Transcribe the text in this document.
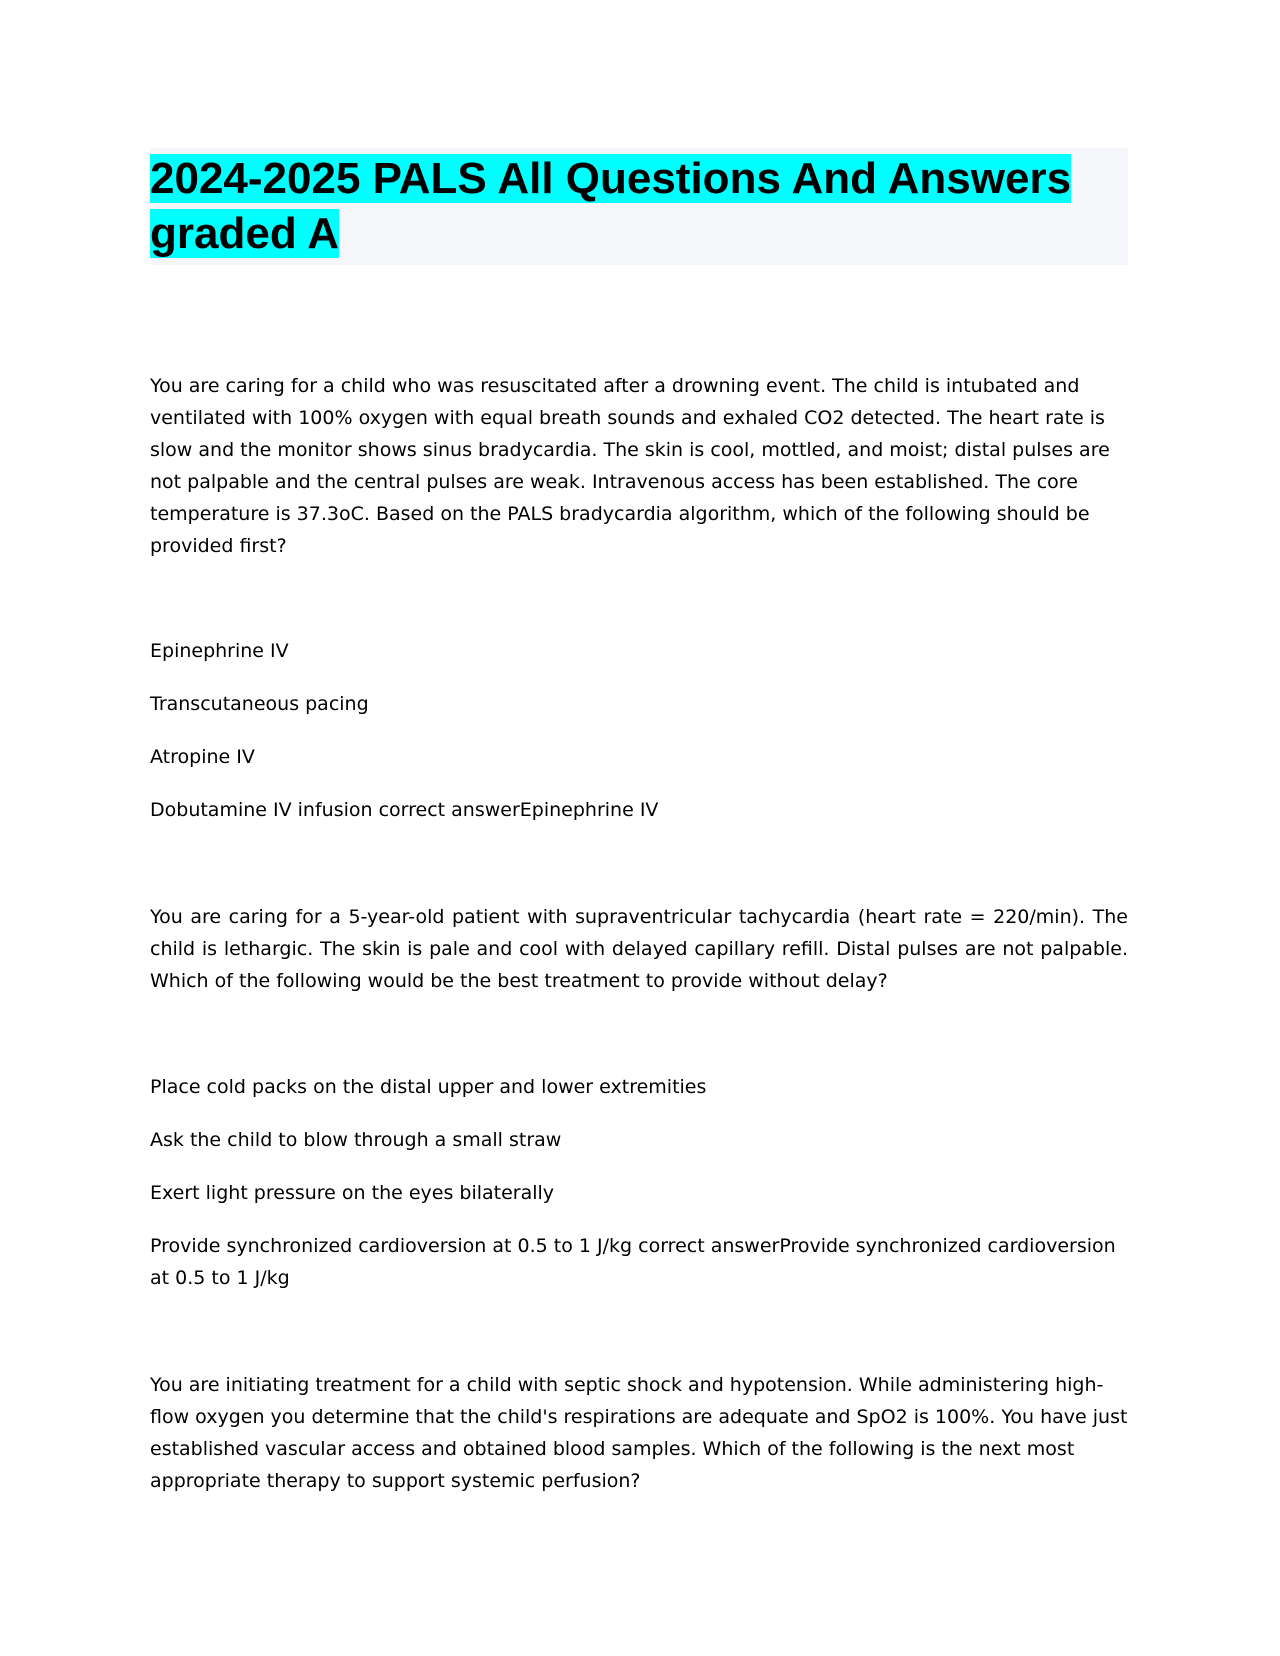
2024-2025 PALS All Questions And Answers graded A

You are caring for a child who was resuscitated after a drowning event. The child is intubated and ventilated with 100% oxygen with equal breath sounds and exhaled CO2 detected. The heart rate is slow and the monitor shows sinus bradycardia. The skin is cool, mottled, and moist; distal pulses are not palpable and the central pulses are weak. Intravenous access has been established. The core temperature is 37.3oC. Based on the PALS bradycardia algorithm, which of the following should be provided first?

Epinephrine IV

Transcutaneous pacing

Atropine IV

Dobutamine IV infusion correct answerEpinephrine IV

You are caring for a 5-year-old patient with supraventricular tachycardia (heart rate = 220/min). The child is lethargic. The skin is pale and cool with delayed capillary refill. Distal pulses are not palpable. Which of the following would be the best treatment to provide without delay?

Place cold packs on the distal upper and lower extremities

Ask the child to blow through a small straw

Exert light pressure on the eyes bilaterally

Provide synchronized cardioversion at 0.5 to 1 J/kg correct answerProvide synchronized cardioversion at 0.5 to 1 J/kg

You are initiating treatment for a child with septic shock and hypotension. While administering high-flow oxygen you determine that the child's respirations are adequate and SpO2 is 100%. You have just established vascular access and obtained blood samples. Which of the following is the next most appropriate therapy to support systemic perfusion?
